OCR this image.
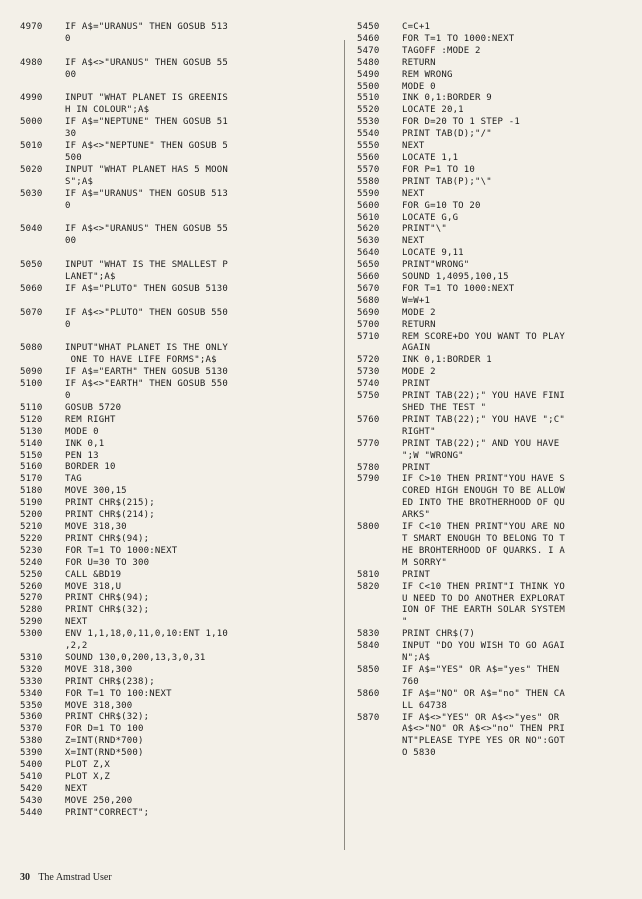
4970	IF A$="URANUS" THEN GOSUB 513
0
4980	IF A$<>"URANUS" THEN GOSUB 55
00
4990	INPUT "WHAT PLANET IS GREENIS
H IN COLOUR";A$
5000	IF A$="NEPTUNE" THEN GOSUB 51
30
5010	IF A$<>"NEPTUNE" THEN GOSUB 5
500
5020	INPUT "WHAT PLANET HAS 5 MOON
S";A$
5030	IF A$="URANUS" THEN GOSUB 513
0
5040	IF A$<>"URANUS" THEN GOSUB 55
00
5050	INPUT "WHAT IS THE SMALLEST P
LANET";A$
5060	IF A$="PLUTO" THEN GOSUB 5130
5070	IF A$<>"PLUTO" THEN GOSUB 550
0
5080	INPUT"WHAT PLANET IS THE ONLY
ONE TO HAVE LIFE FORMS";A$
5090	IF A$="EARTH" THEN GOSUB 5130
5100	IF A$<>"EARTH" THEN GOSUB 550
0
5110	GOSUB 5720
5120	REM RIGHT
5130	MODE 0
5140	INK 0,1
5150	PEN 13
5160	BORDER 10
5170	TAG
5180	MOVE 300,15
5190	PRINT CHR$(215);
5200	PRINT CHR$(214);
5210	MOVE 318,30
5220	PRINT CHR$(94);
5230	FOR T=1 TO 1000:NEXT
5240	FOR U=30 TO 300
5250	CALL &BD19
5260	MOVE 318,U
5270	PRINT CHR$(94);
5280	PRINT CHR$(32);
5290	NEXT
5300	ENV 1,1,18,0,11,0,10:ENT 1,10
,2,2
5310	SOUND 130,0,200,13,3,0,31
5320	MOVE 318,300
5330	PRINT CHR$(238);
5340	FOR T=1 TO 100:NEXT
5350	MOVE 318,300
5360	PRINT CHR$(32);
5370	FOR D=1 TO 100
5380	Z=INT(RND*700)
5390	X=INT(RND*500)
5400	PLOT Z,X
5410	PLOT X,Z
5420	NEXT
5430	MOVE 250,200
5440	PRINT"CORRECT";
5450	C=C+1
5460	FOR T=1 TO 1000:NEXT
5470	TAGOFF :MODE 2
5480	RETURN
5490	REM WRONG
5500	MODE 0
5510	INK 0,1:BORDER 9
5520	LOCATE 20,1
5530	FOR D=20 TO 1 STEP -1
5540	PRINT TAB(D);"/"
5550	NEXT
5560	LOCATE 1,1
5570	FOR P=1 TO 10
5580	PRINT TAB(P);"\"
5590	NEXT
5600	FOR G=10 TO 20
5610	LOCATE G,G
5620	PRINT"\"
5630	NEXT
5640	LOCATE 9,11
5650	PRINT"WRONG"
5660	SOUND 1,4095,100,15
5670	FOR T=1 TO 1000:NEXT
5680	W=W+1
5690	MODE 2
5700	RETURN
5710	REM SCORE+DO YOU WANT TO PLAY
AGAIN
5720	INK 0,1:BORDER 1
5730	MODE 2
5740	PRINT
5750	PRINT TAB(22);" YOU HAVE FINI
SHED THE TEST "
5760	PRINT TAB(22);" YOU HAVE ";C"
RIGHT"
5770	PRINT TAB(22);" AND YOU HAVE
";W "WRONG"
5780	PRINT
5790	IF C>10 THEN PRINT"YOU HAVE S
CORED HIGH ENOUGH TO BE ALLOW
ED INTO THE BROTHERHOOD OF QU
ARKS"
5800	IF C<10 THEN PRINT"YOU ARE NO
T SMART ENOUGH TO BELONG TO T
HE BROHTERHOOD OF QUARKS. I A
M SORRY"
5810	PRINT
5820	IF C<10 THEN PRINT"I THINK YO
U NEED TO DO ANOTHER EXPLORAT
ION OF THE EARTH SOLAR SYSTEM
"
5830	PRINT CHR$(7)
5840	INPUT "DO YOU WISH TO GO AGAI
N";A$
5850	IF A$="YES" OR A$="yes" THEN
760
5860	IF A$="NO" OR A$="no" THEN CA
LL 64738
5870	IF A$<>"YES" OR A$<>"yes" OR
A$<>"NO" OR A$<>"no" THEN PRI
NT"PLEASE TYPE YES OR NO":GOT
O 5830
30 The Amstrad User
